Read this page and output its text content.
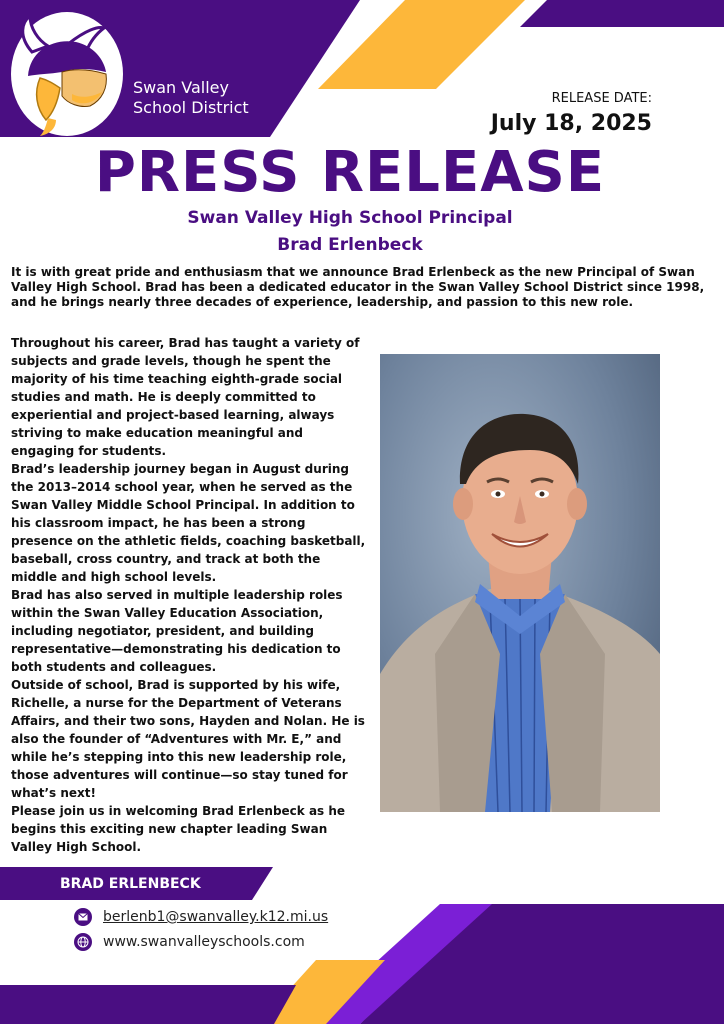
Swan Valley
School District	RELEASE DATE:
July 18, 2025
PRESS RELEASE
Swan Valley High School Principal
Brad Erlenbeck
It is with great pride and enthusiasm that we announce Brad Erlenbeck as the new Principal of Swan Valley High School. Brad has been a dedicated educator in the Swan Valley School District since 1998, and he brings nearly three decades of experience, leadership, and passion to this new role.

Throughout his career, Brad has taught a variety of subjects and grade levels, though he spent the majority of his time teaching eighth-grade social studies and math. He is deeply committed to experiential and project-based learning, always striving to make education meaningful and engaging for students.

Brad’s leadership journey began in August during the 2013–2014 school year, when he served as the Swan Valley Middle School Principal. In addition to his classroom impact, he has been a strong presence on the athletic fields, coaching basketball, baseball, cross country, and track at both the middle and high school levels.

Brad has also served in multiple leadership roles within the Swan Valley Education Association, including negotiator, president, and building representative—demonstrating his dedication to both students and colleagues.

Outside of school, Brad is supported by his wife, Richelle, a nurse for the Department of Veterans Affairs, and their two sons, Hayden and Nolan. He is also the founder of “Adventures with Mr. E,” and while he’s stepping into this new leadership role, those adventures will continue—so stay tuned for what’s next!

Please join us in welcoming Brad Erlenbeck as he begins this exciting new chapter leading Swan Valley High School.

BRAD ERLENBECK
berlenb1@swanvalley.k12.mi.us
www.swanvalleyschools.com
